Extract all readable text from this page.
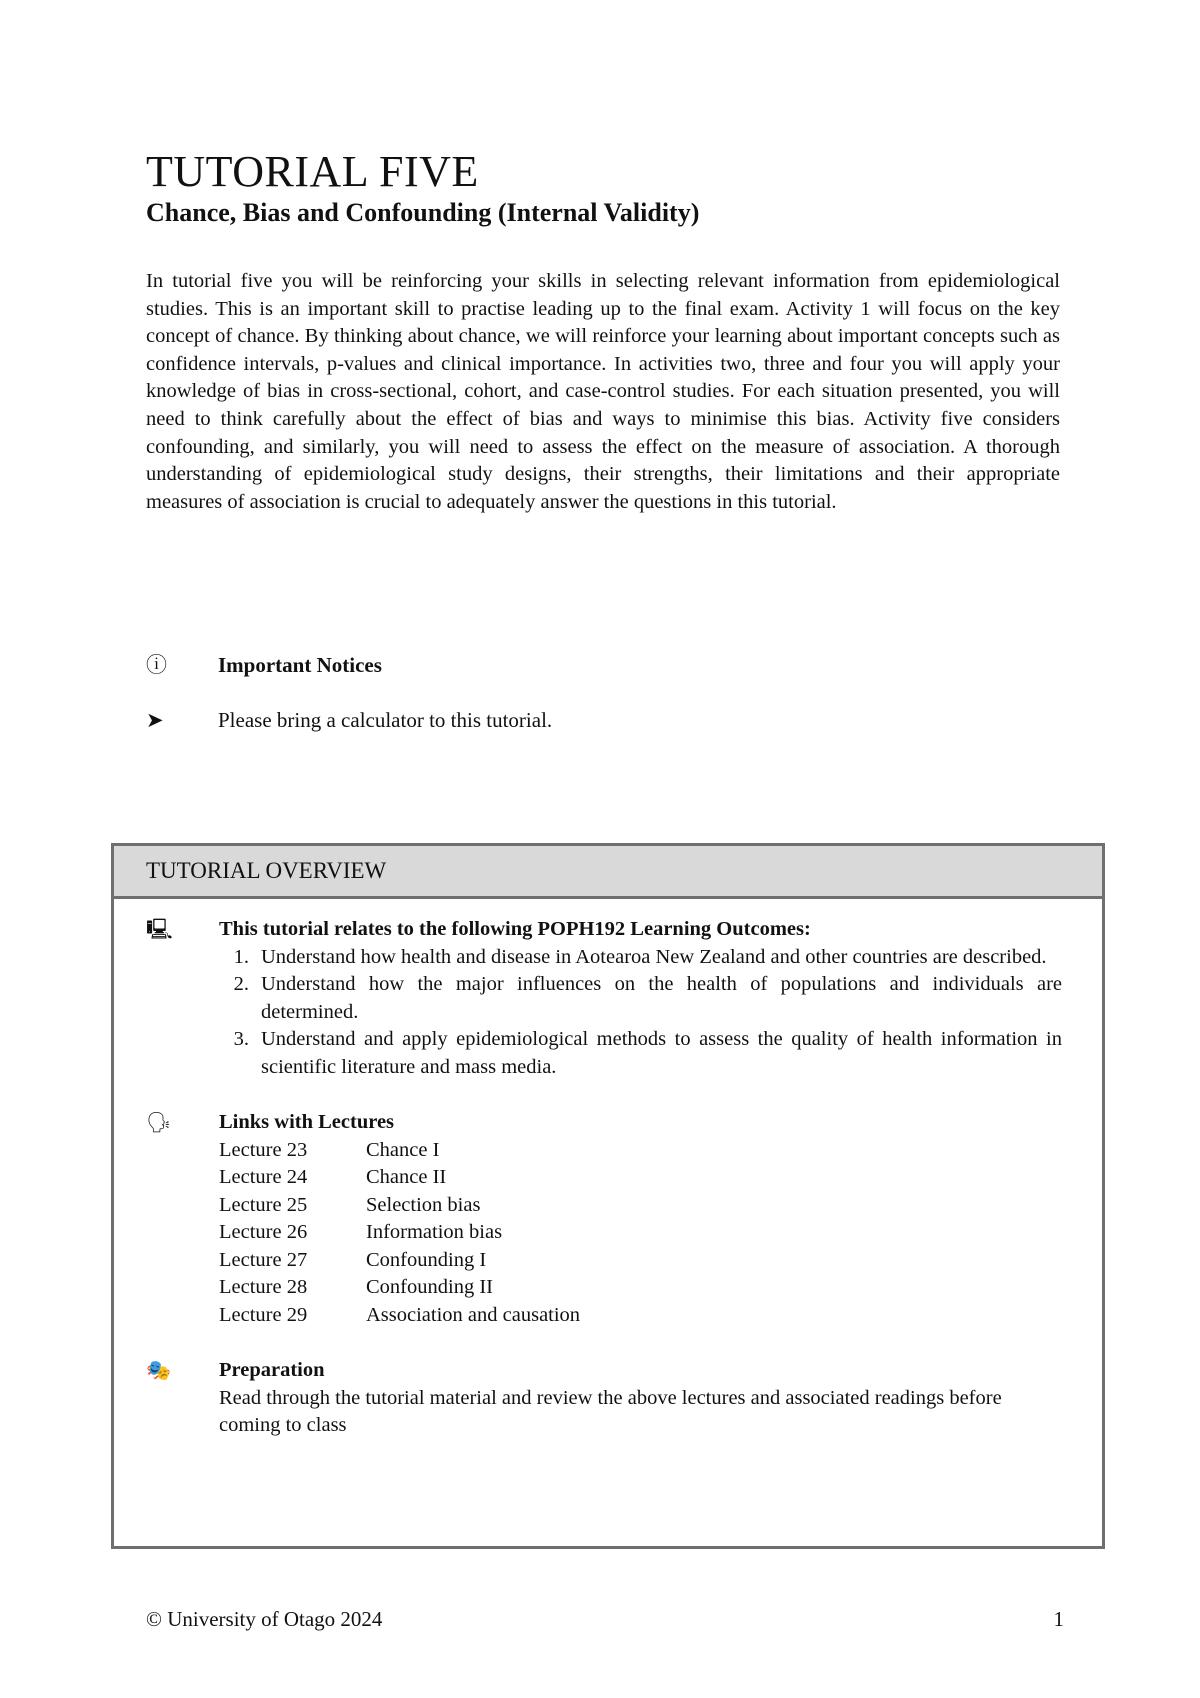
TUTORIAL FIVE
Chance, Bias and Confounding (Internal Validity)

In tutorial five you will be reinforcing your skills in selecting relevant information from epidemiological studies. This is an important skill to practise leading up to the final exam. Activity 1 will focus on the key concept of chance. By thinking about chance, we will reinforce your learning about important concepts such as confidence intervals, p-values and clinical importance. In activities two, three and four you will apply your knowledge of bias in cross-sectional, cohort, and case-control studies. For each situation presented, you will need to think carefully about the effect of bias and ways to minimise this bias. Activity five considers confounding, and similarly, you will need to assess the effect on the measure of association. A thorough understanding of epidemiological study designs, their strengths, their limitations and their appropriate measures of association is crucial to adequately answer the questions in this tutorial.

ⓘ	Important Notices
➤	Please bring a calculator to this tutorial.
TUTORIAL OVERVIEW
🖳	This tutorial relates to the following POPH192 Learning Outcomes:
1. Understand how health and disease in Aotearoa New Zealand and other countries are described.
2. Understand how the major influences on the health of populations and individuals are determined.
3. Understand and apply epidemiological methods to assess the quality of health information in scientific literature and mass media.
🗣	Links with Lectures
Lecture 23	Chance I
Lecture 24	Chance II
Lecture 25	Selection bias
Lecture 26	Information bias
Lecture 27	Confounding I
Lecture 28	Confounding II
Lecture 29	Association and causation
🎭	Preparation
Read through the tutorial material and review the above lectures and associated readings before coming to class
© University of Otago 2024	1
